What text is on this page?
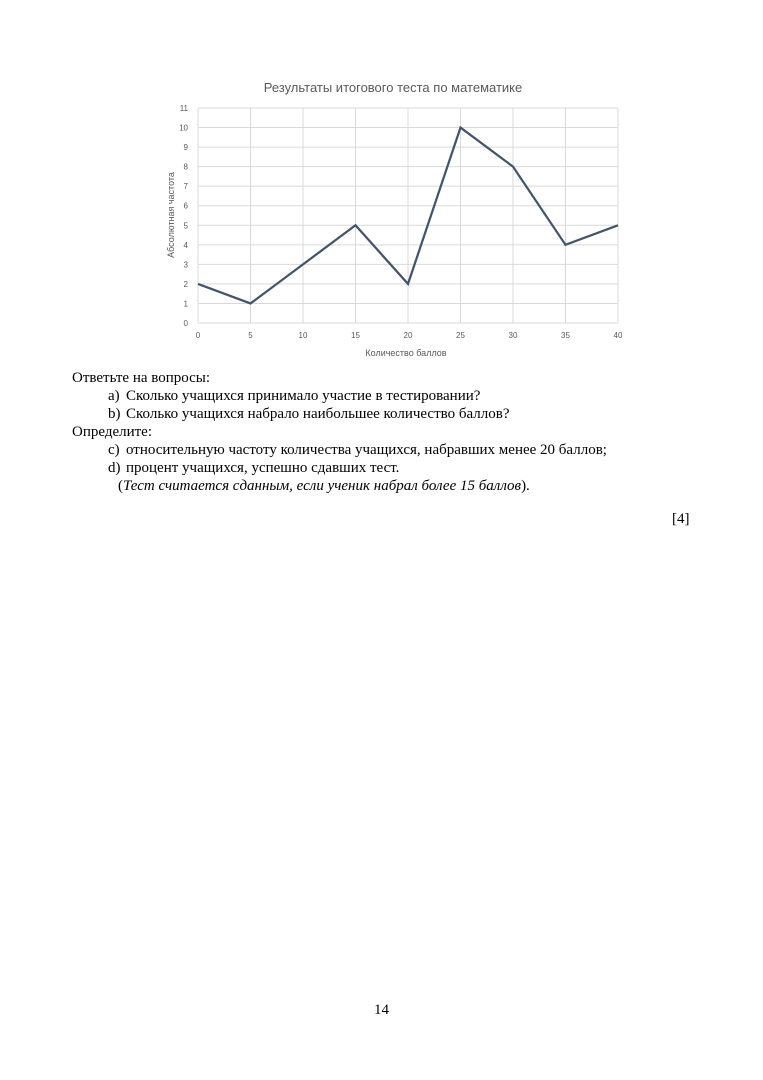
Результаты итогового теста по математике
0
1
2
3
4
5
6
7
8
9
10
11
0	5	10	15	20	25	30	35	40
Абсолютная частота
Количество баллов
Ответьте на вопросы:
a) Сколько учащихся принимало участие в тестировании?
b) Сколько учащихся набрало наибольшее количество баллов?
Определите:
c) относительную частоту количества учащихся, набравших менее 20 баллов;
d) процент учащихся, успешно сдавших тест.
(Тест считается сданным, если ученик набрал более 15 баллов).
[4]
14
